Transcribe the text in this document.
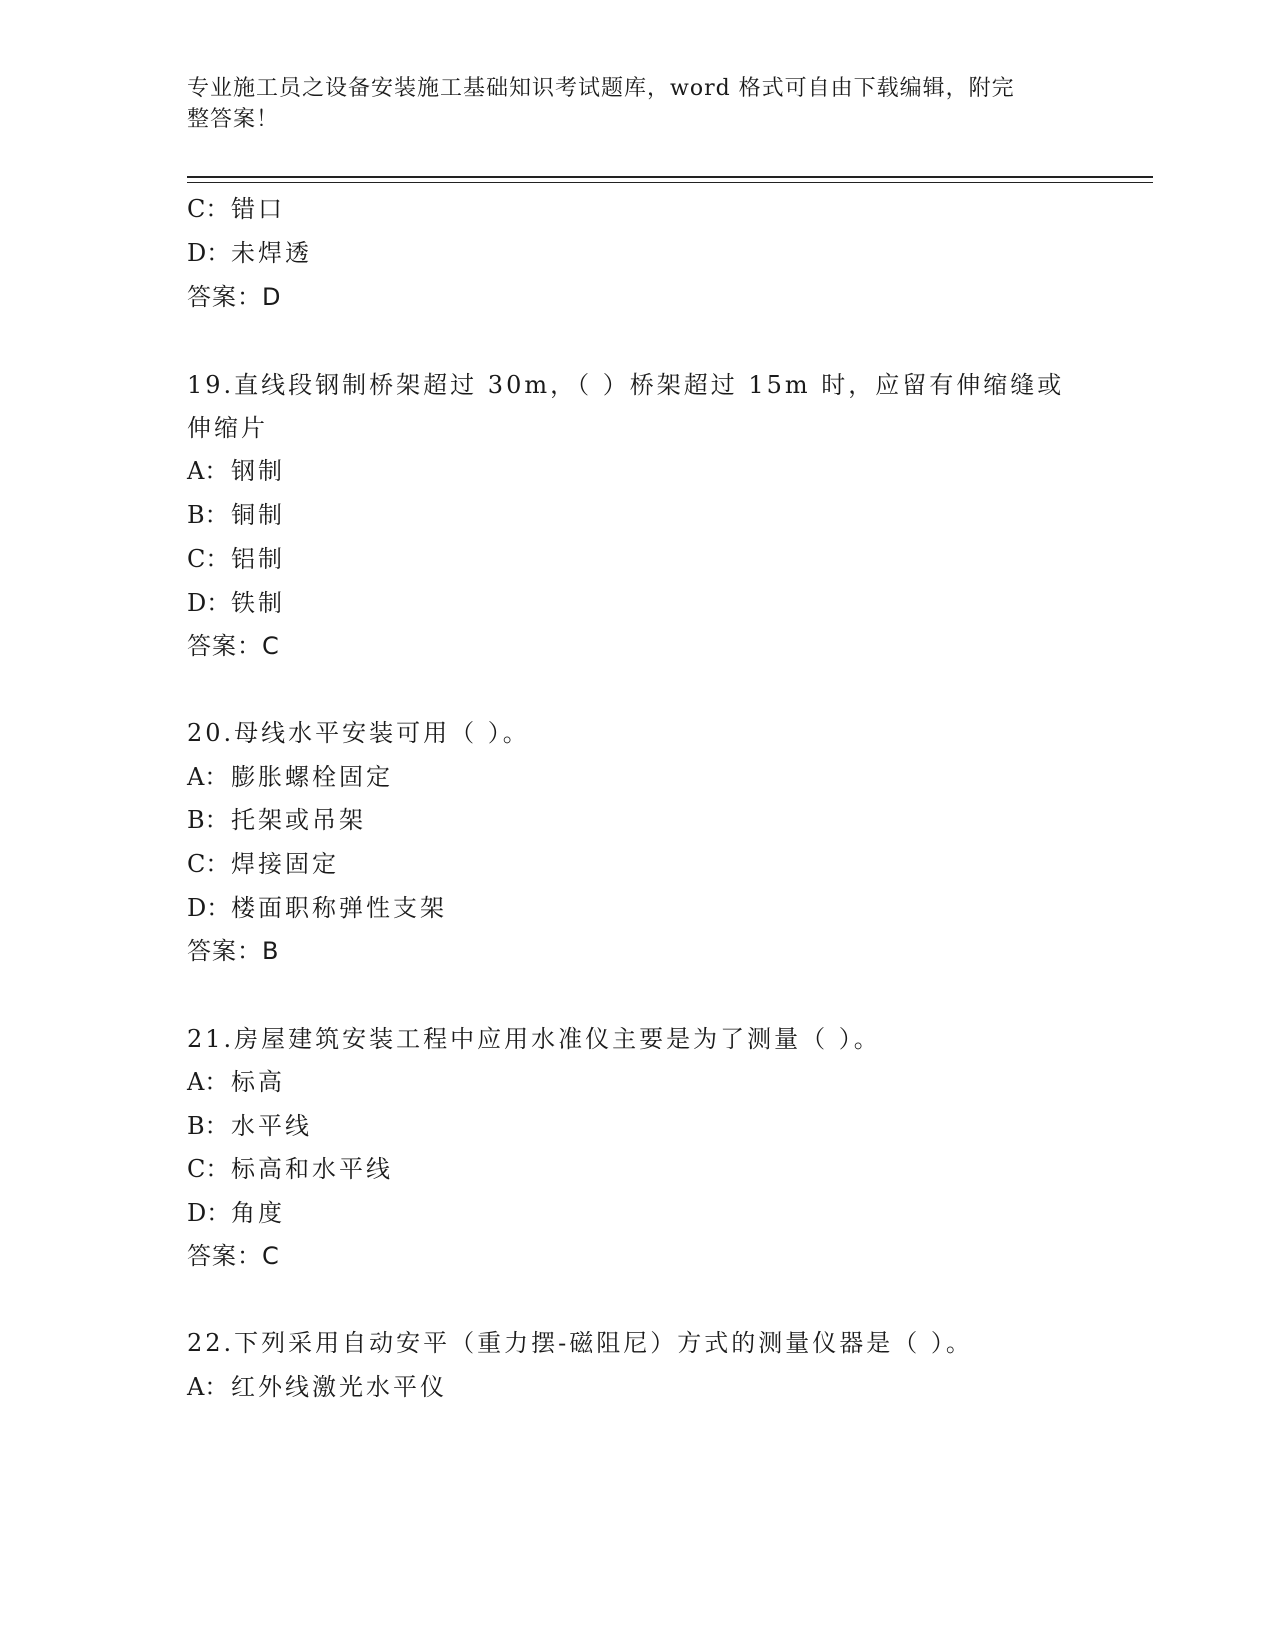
专业施工员之设备安装施工基础知识考试题库，word 格式可自由下载编辑，附完
整答案！
C：错口
D：未焊透
答案：D
19.直线段钢制桥架超过 30m，（ ）桥架超过 15m 时，应留有伸缩缝或
伸缩片
A： 钢制
B：铜制
C：铝制
D：铁制
答案：C
20.母线水平安装可用（ ）。
A： 膨胀螺栓固定
B：托架或吊架
C：焊接固定
D：楼面职称弹性支架
答案：B
21.房屋建筑安装工程中应用水准仪主要是为了测量（ ）。
A： 标高
B：水平线
C：标高和水平线
D：角度
答案：C
22.下列采用自动安平（重力摆-磁阻尼）方式的测量仪器是（ ）。
A： 红外线激光水平仪
